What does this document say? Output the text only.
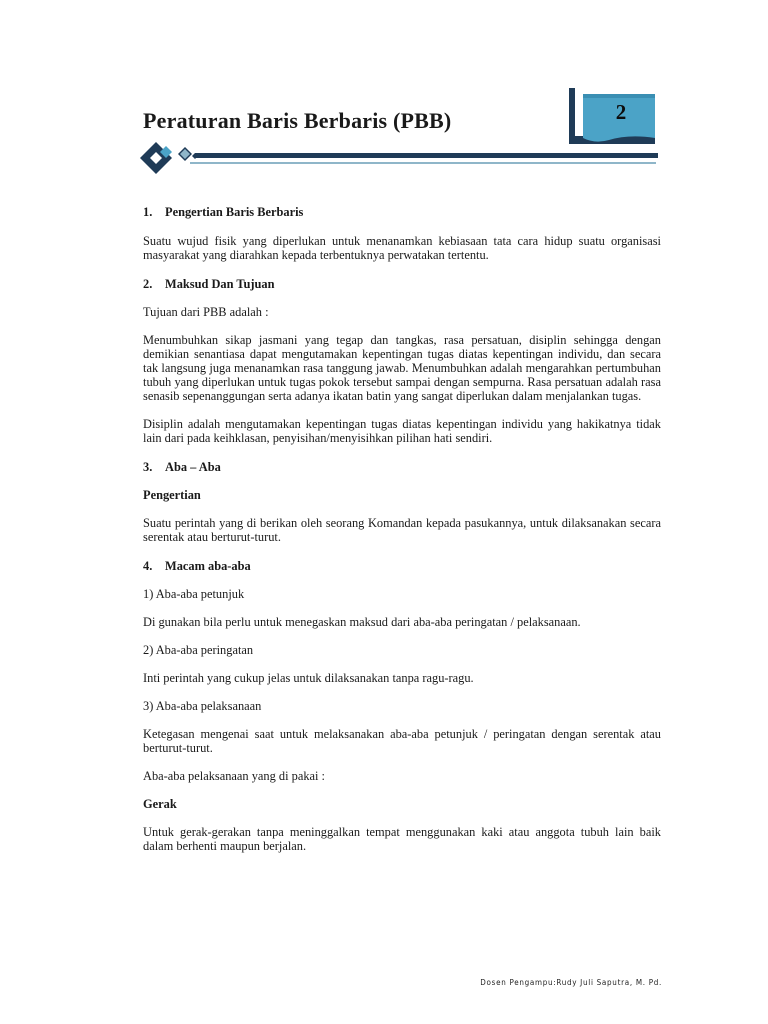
Peraturan Baris Berbaris (PBB)	2

1. Pengertian Baris Berbaris

Suatu wujud fisik yang diperlukan untuk menanamkan kebiasaan tata cara hidup suatu organisasi masyarakat yang diarahkan kepada terbentuknya perwatakan tertentu.

2. Maksud Dan Tujuan

Tujuan dari PBB adalah :

Menumbuhkan sikap jasmani yang tegap dan tangkas, rasa persatuan, disiplin sehingga dengan demikian senantiasa dapat mengutamakan kepentingan tugas diatas kepentingan individu, dan secara tak langsung juga menanamkan rasa tanggung jawab. Menumbuhkan adalah mengarahkan pertumbuhan tubuh yang diperlukan untuk tugas pokok tersebut sampai dengan sempurna. Rasa persatuan adalah rasa senasib sepenanggungan serta adanya ikatan batin yang sangat diperlukan dalam menjalankan tugas.

Disiplin adalah mengutamakan kepentingan tugas diatas kepentingan individu yang hakikatnya tidak lain dari pada keihklasan, penyisihan/menyisihkan pilihan hati sendiri.

3. Aba – Aba

Pengertian

Suatu perintah yang di berikan oleh seorang Komandan kepada pasukannya, untuk dilaksanakan secara serentak atau berturut-turut.

4. Macam aba-aba

1) Aba-aba petunjuk

Di gunakan bila perlu untuk menegaskan maksud dari aba-aba peringatan / pelaksanaan.

2) Aba-aba peringatan

Inti perintah yang cukup jelas untuk dilaksanakan tanpa ragu-ragu.

3) Aba-aba pelaksanaan

Ketegasan mengenai saat untuk melaksanakan aba-aba petunjuk / peringatan dengan serentak atau berturut-turut.

Aba-aba pelaksanaan yang di pakai :

Gerak

Untuk gerak-gerakan tanpa meninggalkan tempat menggunakan kaki atau anggota tubuh lain baik dalam berhenti maupun berjalan.

Dosen Pengampu:Rudy Juli Saputra, M. Pd.
